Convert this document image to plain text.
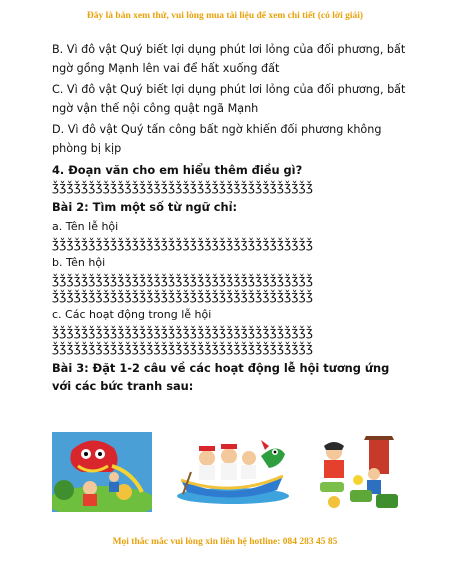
Đây là bản xem thử, vui lòng mua tài liệu để xem chi tiết (có lời giải)

B. Vì đô vật Quý biết lợi dụng phút lơi lỏng của đối phương, bất ngờ gồng Mạnh lên vai để hất xuống đất

C. Vì đô vật Quý biết lợi dụng phút lơi lỏng của đối phương, bất ngờ vận thế nội công quật ngã Mạnh

D. Vì đô vật Quý tấn công bất ngờ khiến đối phương không phòng bị kịp

4. Đoạn văn cho em hiểu thêm điều gì?

ǯǯǯǯǯǯǯǯǯǯǯǯǯǯǯǯǯǯǯǯǯǯǯǯǯǯǯǯǯǯǯǯǯǯǯǯ

Bài 2: Tìm một số từ ngữ chỉ:

a. Tên lễ hội

ǯǯǯǯǯǯǯǯǯǯǯǯǯǯǯǯǯǯǯǯǯǯǯǯǯǯǯǯǯǯǯǯǯǯǯǯ

b. Tên hội

ǯǯǯǯǯǯǯǯǯǯǯǯǯǯǯǯǯǯǯǯǯǯǯǯǯǯǯǯǯǯǯǯǯǯǯǯ
ǯǯǯǯǯǯǯǯǯǯǯǯǯǯǯǯǯǯǯǯǯǯǯǯǯǯǯǯǯǯǯǯǯǯǯǯ

c. Các hoạt động trong lễ hội

ǯǯǯǯǯǯǯǯǯǯǯǯǯǯǯǯǯǯǯǯǯǯǯǯǯǯǯǯǯǯǯǯǯǯǯǯ
ǯǯǯǯǯǯǯǯǯǯǯǯǯǯǯǯǯǯǯǯǯǯǯǯǯǯǯǯǯǯǯǯǯǯǯǯ

Bài 3: Đặt 1-2 câu về các hoạt động lễ hội tương ứng với các bức tranh sau:

Mọi thắc mắc vui lòng xin liên hệ hotline: 084 283 45 85
